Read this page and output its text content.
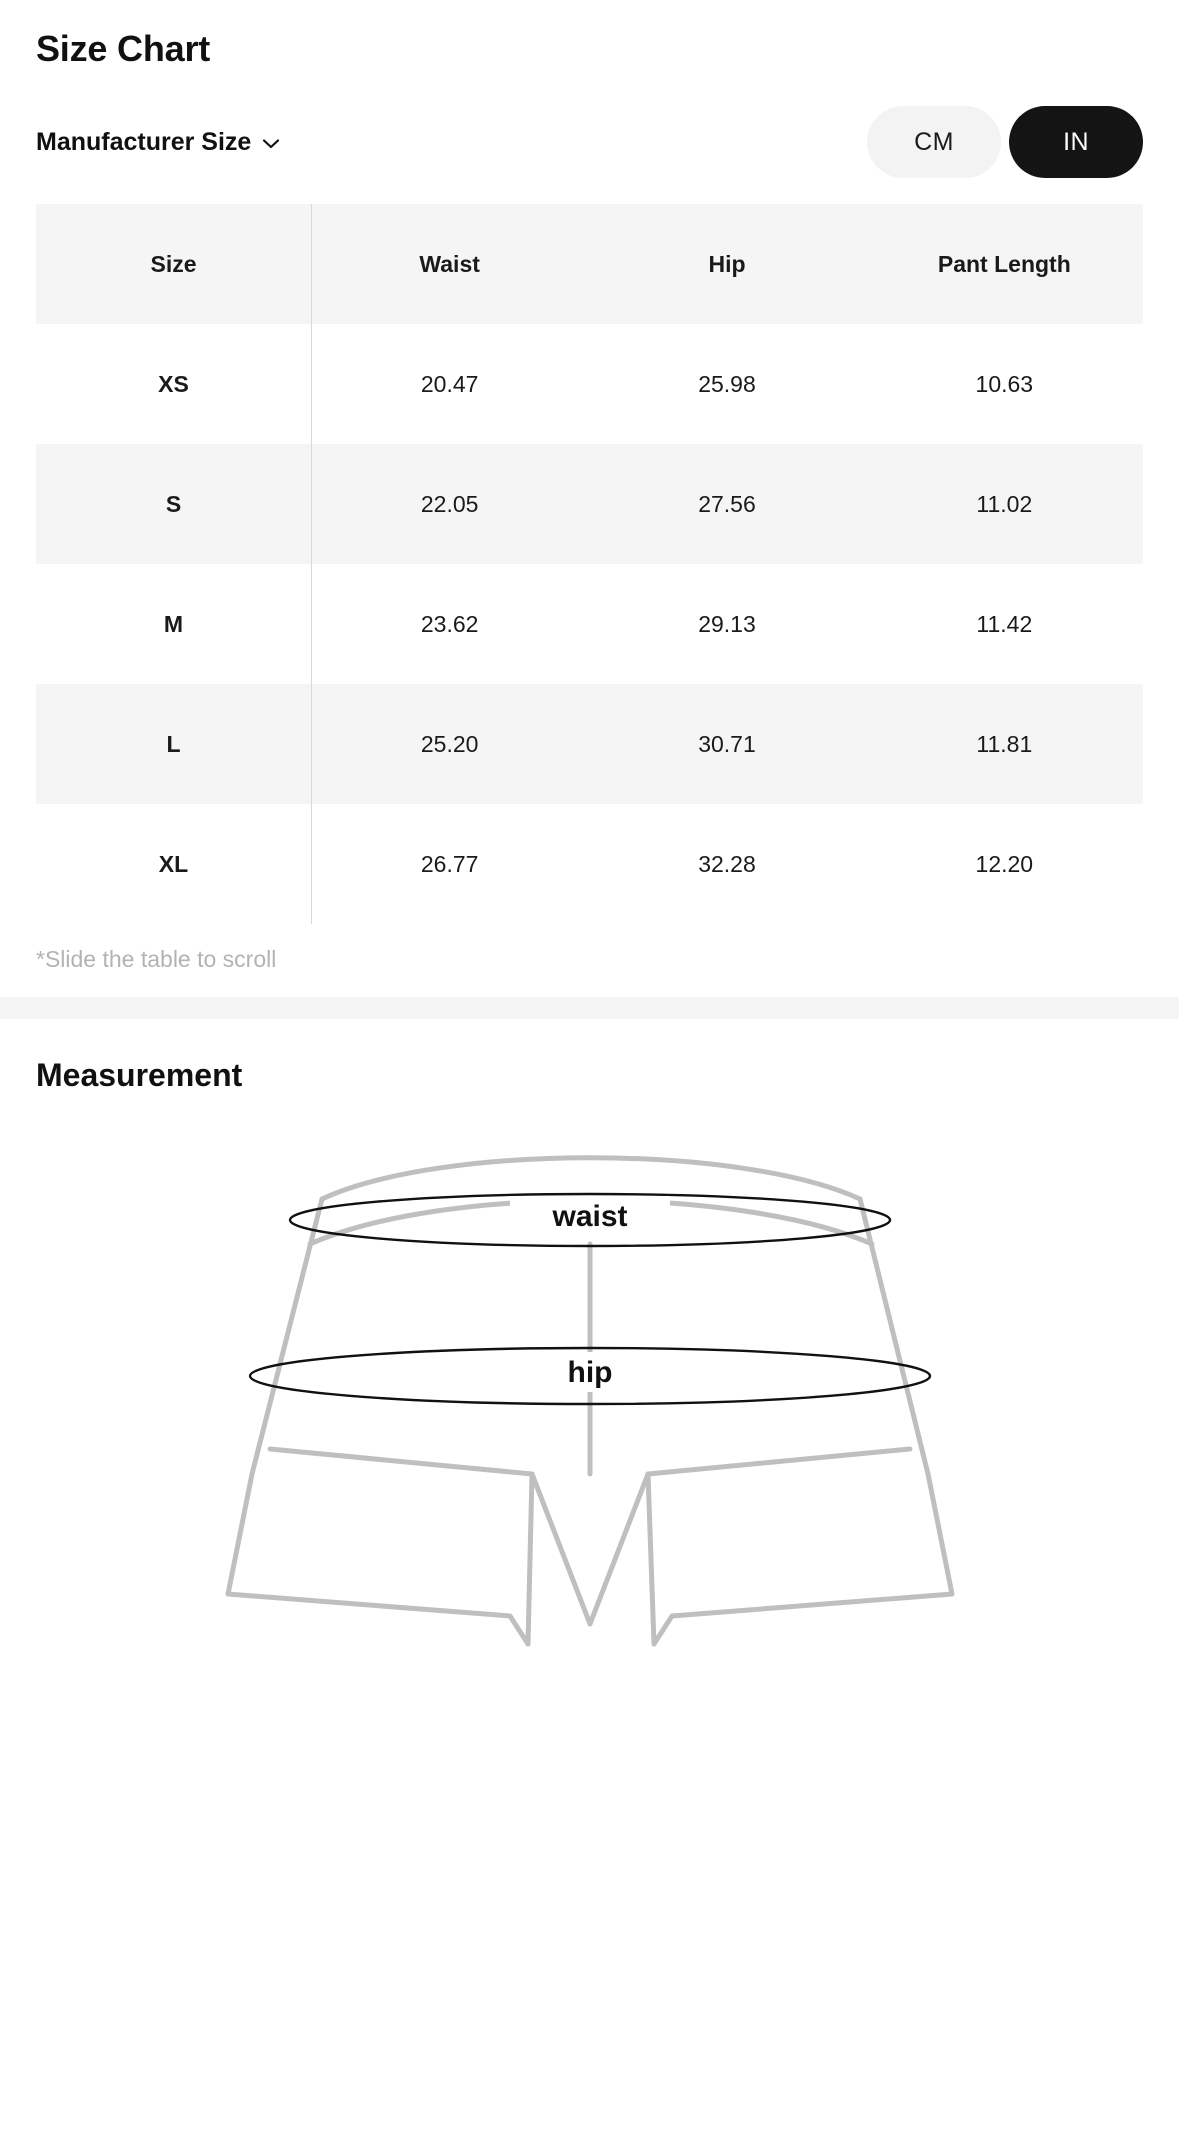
Size Chart
Manufacturer Size	CM	IN
Size	Waist	Hip	Pant Length
XS	20.47	25.98	10.63
S	22.05	27.56	11.02
M	23.62	29.13	11.42
L	25.20	30.71	11.81
XL	26.77	32.28	12.20

*Slide the table to scroll

Measurement
waist
hip
